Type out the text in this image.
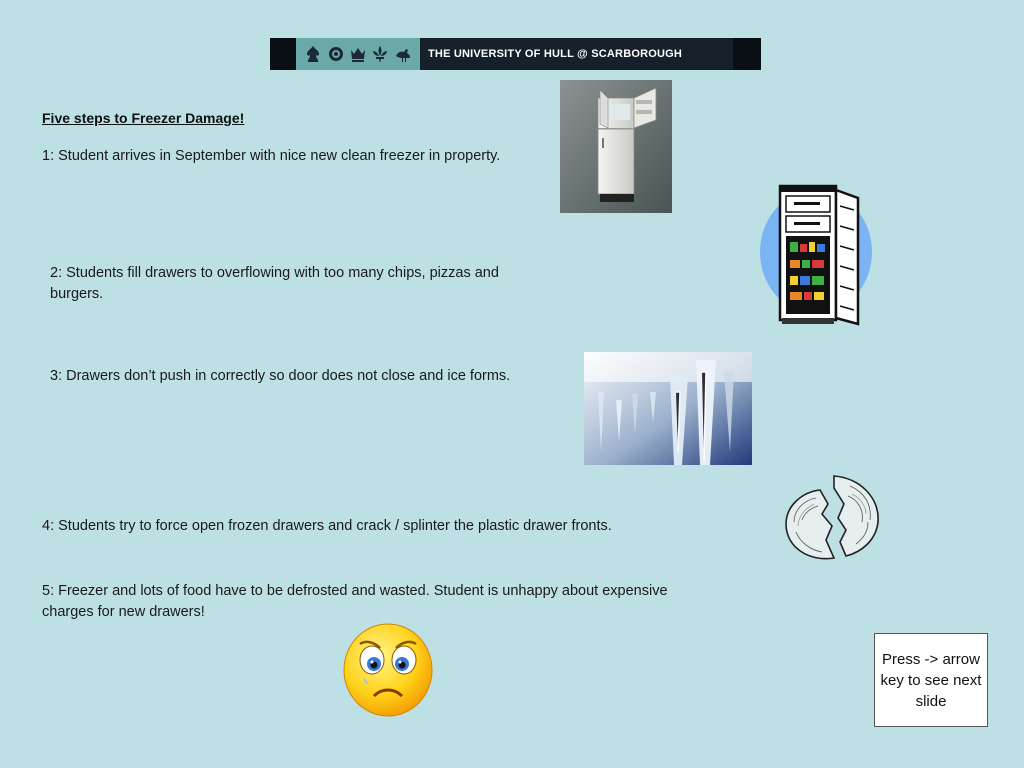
THE UNIVERSITY OF HULL @ SCARBOROUGH
Five steps to Freezer Damage!
1: Student arrives in September with nice new clean freezer in property.
2: Students fill drawers to overflowing with too many chips, pizzas and burgers.
3: Drawers don’t push in correctly so door does not close and ice forms.
4: Students try to force open frozen drawers and crack / splinter the plastic drawer fronts.
5: Freezer and lots of food have to be defrosted and wasted. Student is unhappy about expensive charges for new drawers!
Press -> arrow key to see next slide
